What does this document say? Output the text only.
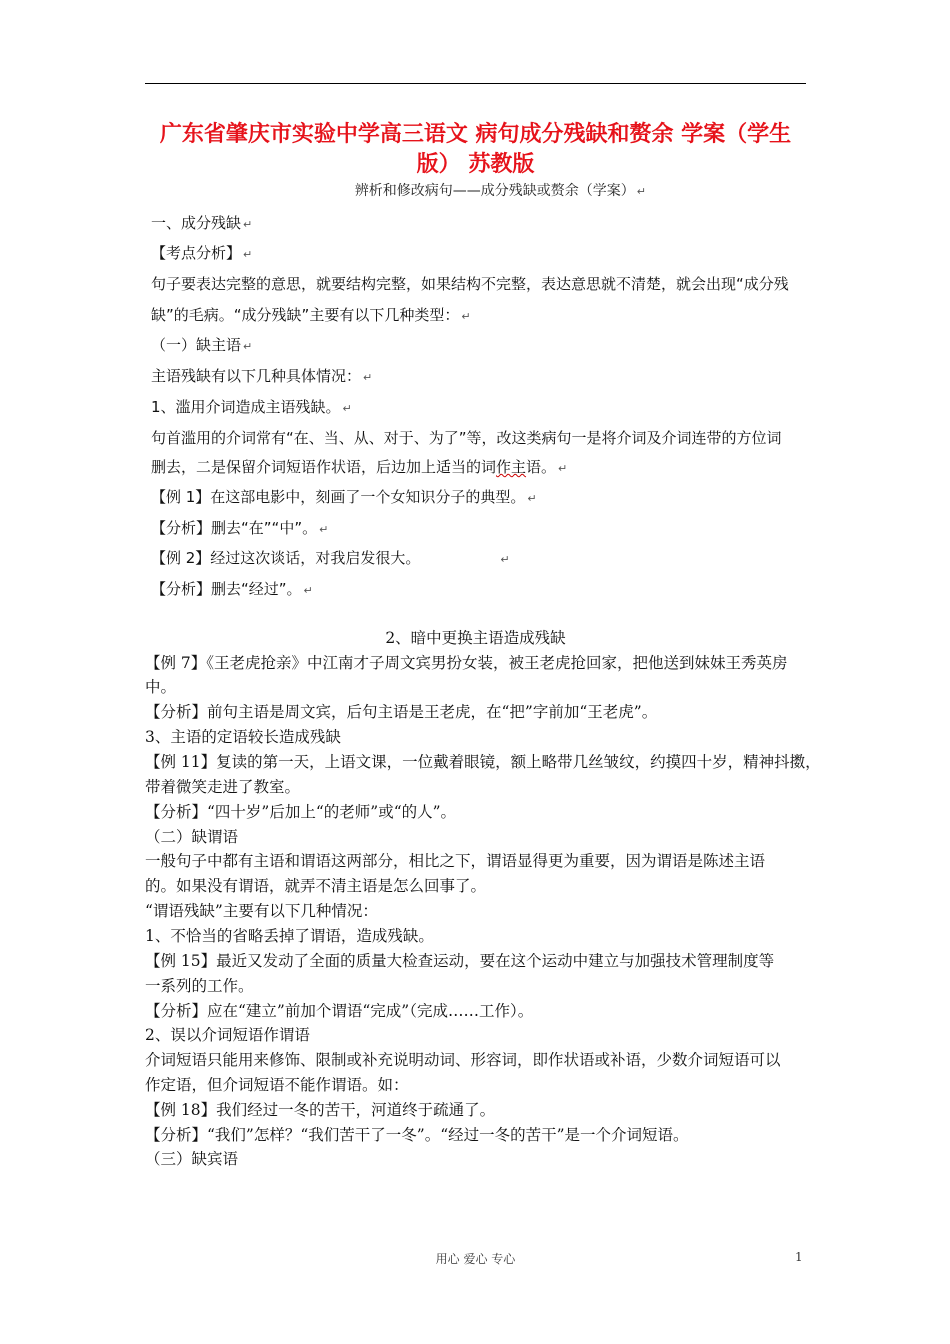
广东省肇庆市实验中学高三语文 病句成分残缺和赘余 学案（学生版） 苏教版
辨析和修改病句——成分残缺或赘余（学案） ↵
一、成分残缺 ↵
【考点分析】 ↵
句子要表达完整的意思，就要结构完整，如果结构不完整，表达意思就不清楚，就会出现“成分残
缺”的毛病。“成分残缺”主要有以下几种类型： ↵
（一）缺主语 ↵
主语残缺有以下几种具体情况： ↵
1、滥用介词造成主语残缺。 ↵
句首滥用的介词常有“在、当、从、对于、为了”等，改这类病句一是将介词及介词连带的方位词
删去，二是保留介词短语作状语，后边加上适当的词作主语。 ↵
【例 1】在这部电影中，刻画了一个女知识分子的典型。 ↵
【分析】删去“在”“中”。 ↵
【例 2】经过这次谈话，对我启发很大。	↵
【分析】删去“经过”。 ↵
2、暗中更换主语造成残缺
【例 7】《王老虎抢亲》中江南才子周文宾男扮女装，被王老虎抢回家，把他送到妹妹王秀英房
中。
【分析】前句主语是周文宾，后句主语是王老虎，在“把”字前加“王老虎”。
3、主语的定语较长造成残缺
【例 11】复读的第一天，上语文课，一位戴着眼镜，额上略带几丝皱纹，约摸四十岁，精神抖擞，
带着微笑走进了教室。
【分析】“四十岁”后加上“的老师”或“的人”。
（二）缺谓语
一般句子中都有主语和谓语这两部分，相比之下，谓语显得更为重要，因为谓语是陈述主语
的。如果没有谓语，就弄不清主语是怎么回事了。
“谓语残缺”主要有以下几种情况：
1、不恰当的省略丢掉了谓语，造成残缺。
【例 15】最近又发动了全面的质量大检查运动，要在这个运动中建立与加强技术管理制度等
一系列的工作。
【分析】应在“建立”前加个谓语“完成”（完成……工作）。
2、误以介词短语作谓语
介词短语只能用来修饰、限制或补充说明动词、形容词，即作状语或补语，少数介词短语可以
作定语，但介词短语不能作谓语。如：
【例 18】我们经过一冬的苦干，河道终于疏通了。
【分析】“我们”怎样？“我们苦干了一冬”。“经过一冬的苦干”是一个介词短语。
（三）缺宾语
用心 爱心 专心	1
